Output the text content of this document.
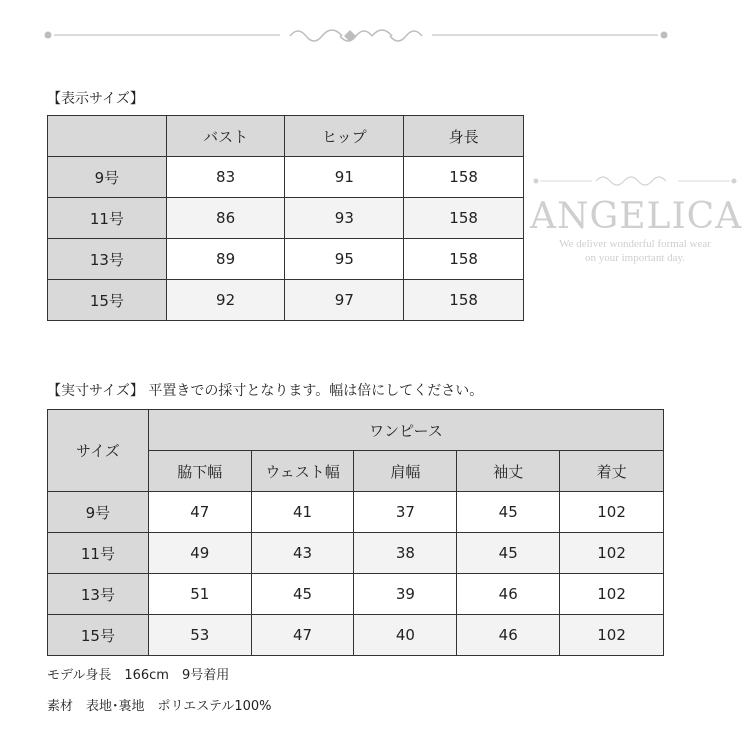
【表示サイズ】
	バスト	ヒップ	身長
9号	83	91	158
11号	86	93	158
13号	89	95	158
15号	92	97	158
ANGELICA
We deliver wonderful formal wear
on your important day.
【実寸サイズ】 平置きでの採寸となります。幅は倍にしてください。
サイズ	ワンピース				
	脇下幅	ウェスト幅	肩幅	袖丈	着丈
9号	47	41	37	45	102
11号	49	43	38	45	102
13号	51	45	39	46	102
15号	53	47	40	46	102
モデル身長　166cm　9号着用
素材　表地･裏地　ポリエステル100%
